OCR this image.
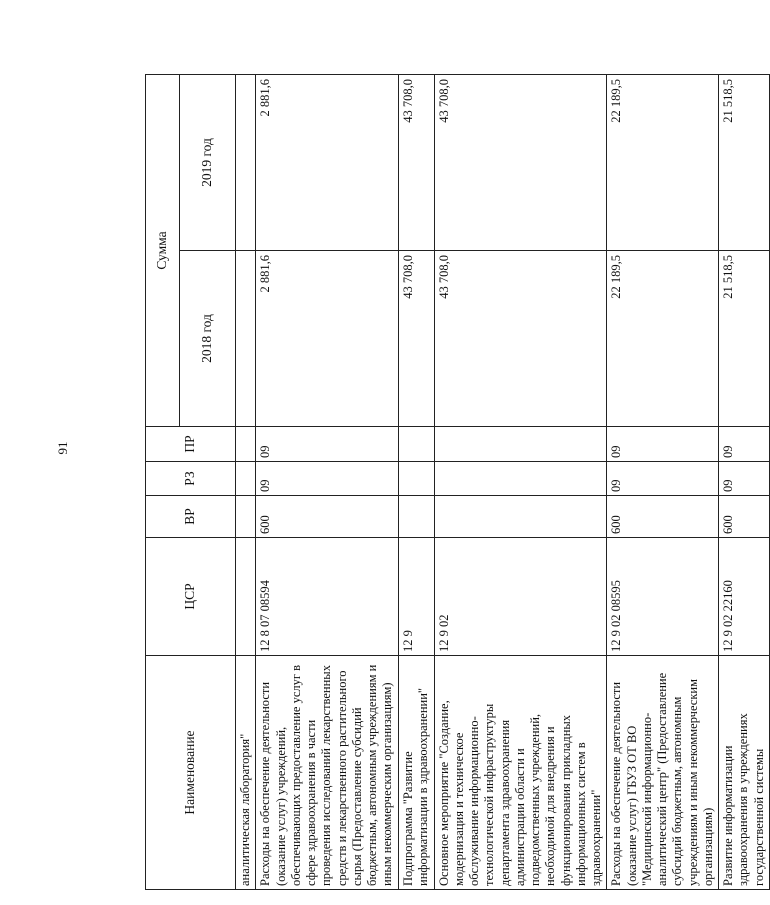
91
Наименование	ЦСР	ВР	РЗ	ПР	Сумма	
					2018 год	2019 год
аналитическая лаборатория"						
Расходы на обеспечение деятельности (оказание услуг) учреждений, обеспечивающих предоставление услуг в сфере здравоохранения в части проведения исследований лекарственных средств и лекарственного растительного сырья (Предоставление субсидий бюджетным, автономным учреждениям и иным некоммерческим организациям)	12 8 07 08594	600	09	09	2 881,6	2 881,6
Подпрограмма "Развитие информатизации в здравоохранении"	12 9				43 708,0	43 708,0
Основное мероприятие "Создание, модернизация и техническое обслуживание информационно-технологической инфраструктуры департамента здравоохранения администрации области и подведомственных учреждений, необходимой для внедрения и функционирования прикладных информационных систем в здравоохранении"	12 9 02				43 708,0	43 708,0
Расходы на обеспечение деятельности (оказание услуг) ГБУЗ ОТ ВО "Медицинский информационно-аналитический центр" (Предоставление субсидий бюджетным, автономным учреждениям и иным некоммерческим организациям)	12 9 02 08595	600	09	09	22 189,5	22 189,5
Развитие информатизации здравоохранения в учреждениях государственной системы	12 9 02 22160	600	09	09	21 518,5	21 518,5
